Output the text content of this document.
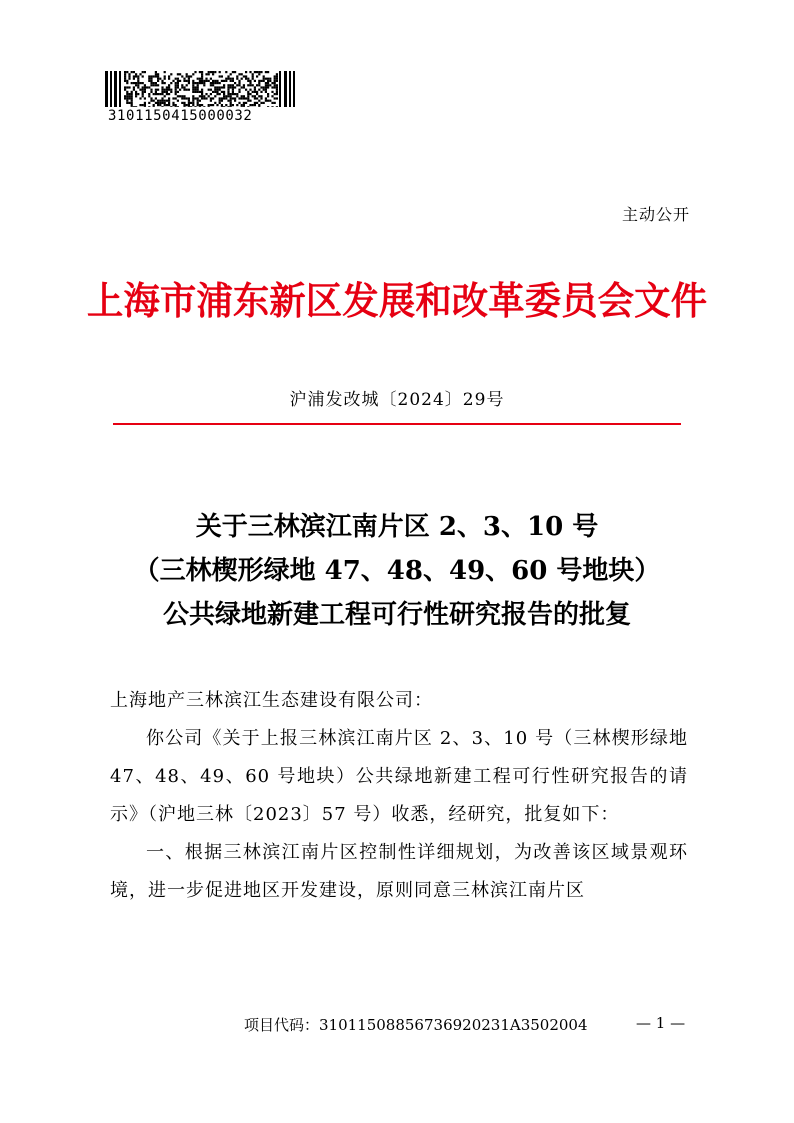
3101150415000032
主动公开
上海市浦东新区发展和改革委员会文件
沪浦发改城〔2024〕29号
关于三林滨江南片区 2、3、10 号
（三林楔形绿地 47、48、49、60 号地块）
公共绿地新建工程可行性研究报告的批复

上海地产三林滨江生态建设有限公司：

你公司《关于上报三林滨江南片区 2、3、10 号（三林楔形绿地 47、48、49、60 号地块）公共绿地新建工程可行性研究报告的请示》（沪地三林〔2023〕57 号）收悉，经研究，批复如下：

一、根据三林滨江南片区控制性详细规划，为改善该区域景观环境，进一步促进地区开发建设，原则同意三林滨江南片区

项目代码：31011508856736920231A3502004	— 1 —
